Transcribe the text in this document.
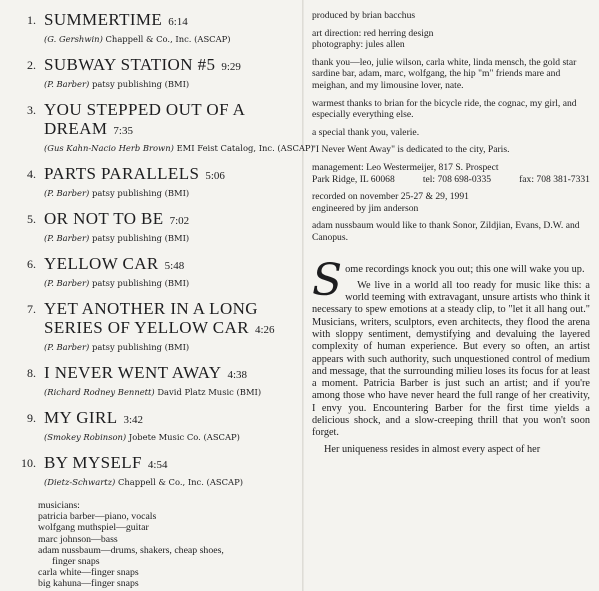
1. SUMMERTIME 6:14
(G. Gershwin) Chappell & Co., Inc. (ASCAP)
2. SUBWAY STATION #5 9:29
(P. Barber) patsy publishing (BMI)
3. YOU STEPPED OUT OF A
DREAM 7:35
(Gus Kahn-Nacio Herb Brown) EMI Feist Catalog, Inc. (ASCAP)
4. PARTS PARALLELS 5:06
(P. Barber) patsy publishing (BMI)
5. OR NOT TO BE 7:02
(P. Barber) patsy publishing (BMI)
6. YELLOW CAR 5:48
(P. Barber) patsy publishing (BMI)
7. YET ANOTHER IN A LONG
SERIES OF YELLOW CAR 4:26
(P. Barber) patsy publishing (BMI)
8. I NEVER WENT AWAY 4:38
(Richard Rodney Bennett) David Platz Music (BMI)
9. MY GIRL 3:42
(Smokey Robinson) Jobete Music Co. (ASCAP)
10. BY MYSELF 4:54
(Dietz-Schwartz) Chappell & Co., Inc. (ASCAP)
musicians:
patricia barber—piano, vocals
wolfgang muthspiel—guitar
marc johnson—bass
adam nussbaum—drums, shakers, cheap shoes,
finger snaps
carla white—finger snaps
big kahuna—finger snaps
produced by brian bacchus
art direction: red herring design
photography: jules allen
thank you—leo, julie wilson, carla white, linda mensch, the gold star sardine bar, adam, marc, wolfgang, the hip "m" friends mare and meighan, and my limousine lover, nate.
warmest thanks to brian for the bicycle ride, the cognac, my girl, and especially everything else.
a special thank you, valerie.
"I Never Went Away" is dedicated to the city, Paris.
management: Leo Westermeijer, 817 S. Prospect
Park Ridge, IL 60068	tel: 708 698-0335	fax: 708 381-7331
recorded on november 25-27 & 29, 1991
engineered by jim anderson
adam nussbaum would like to thank Sonor, Zildjian, Evans, D.W. and Canopus.

Some recordings knock you out; this one will wake you up.

We live in a world all too ready for music like this: a world teeming with extravagant, unsure artists who think it necessary to spew emotions at a steady clip, to "let it all hang out." Musicians, writers, sculptors, even architects, they flood the arena with sloppy sentiment, demystifying and devaluing the layered complexity of human experience. But every so often, an artist appears with such authority, such unquestioned control of medium and message, that the surrounding milieu loses its focus for at least a moment. Patricia Barber is just such an artist; and if you're among those who have never heard the full range of her creativity, I envy you. Encountering Barber for the first time yields a delicious shock, and a slow-creeping thrill that you won't soon forget.

Her uniqueness resides in almost every aspect of her
